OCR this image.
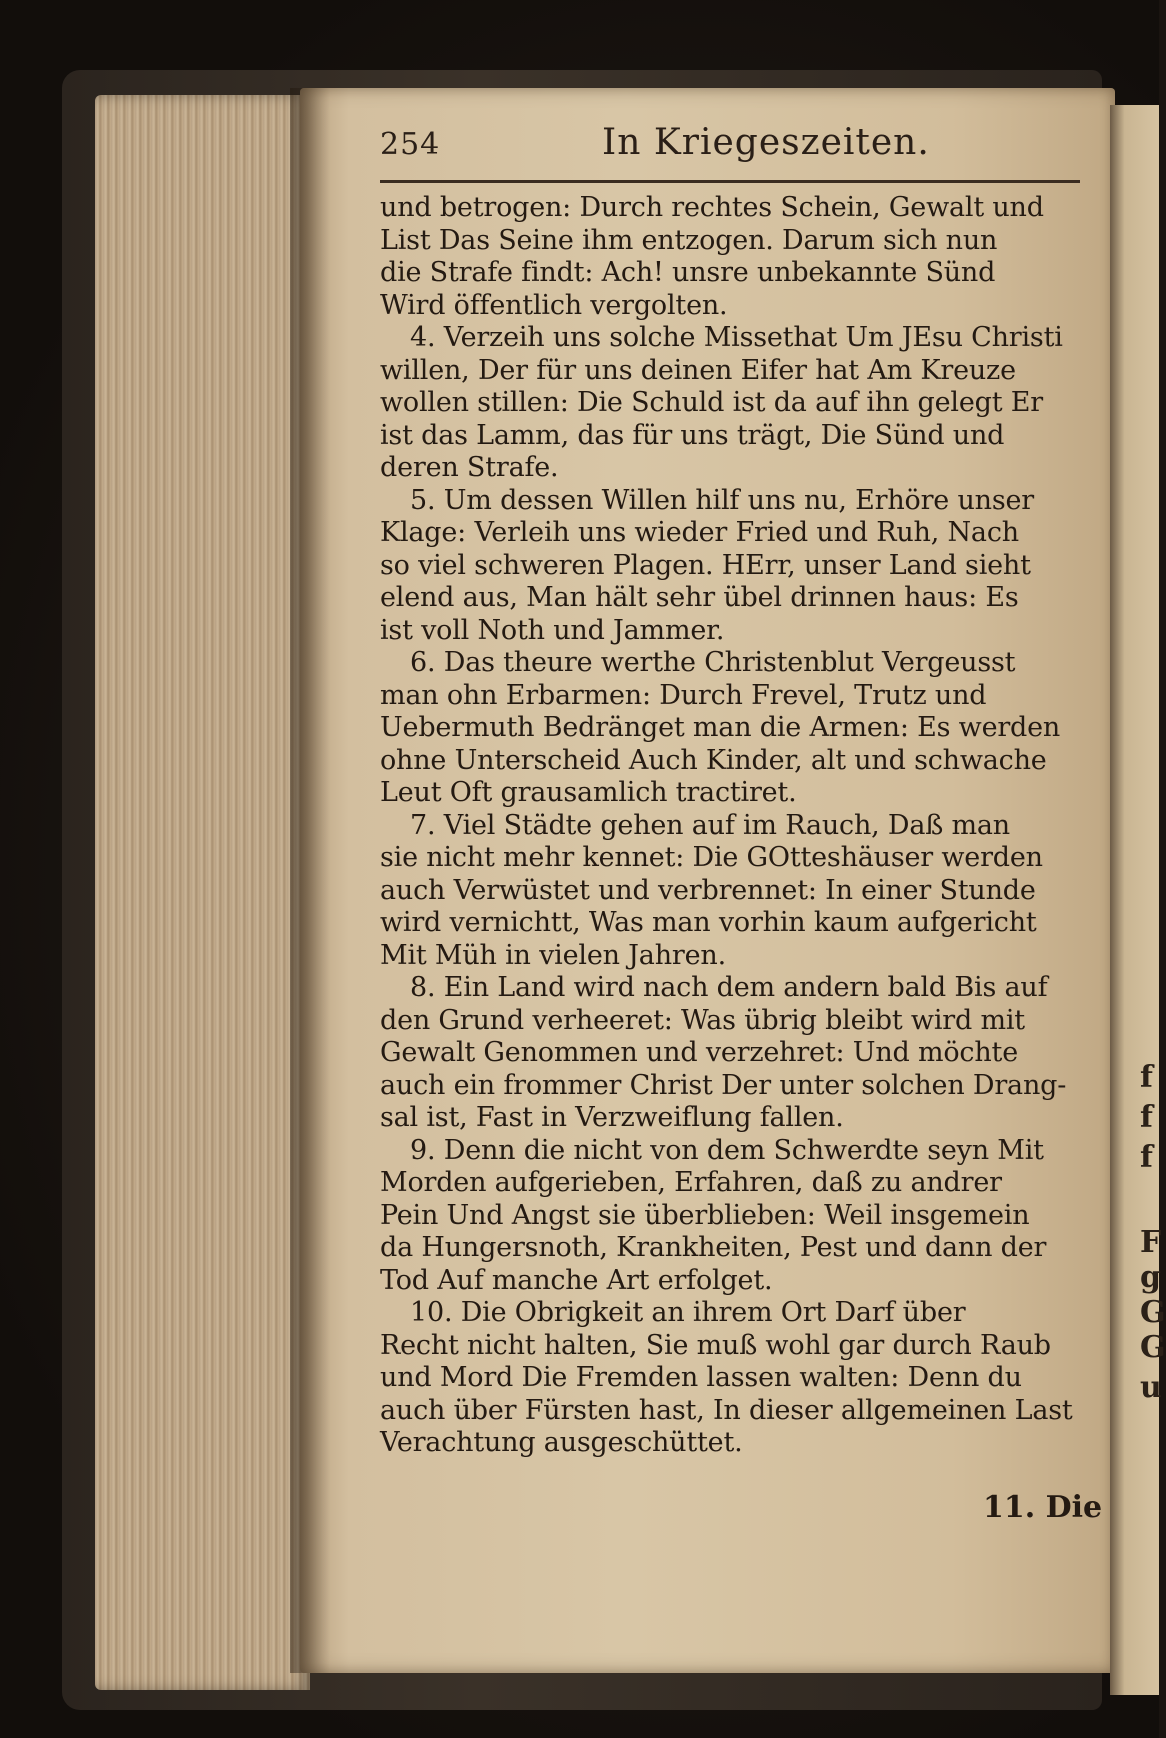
f
f
f
F
g
G
G
u
254	In Kriegeszeiten.
und betrogen: Durch rechtes Schein, Gewalt und
List Das Seine ihm entzogen. Darum sich nun
die Strafe findt: Ach! unsre unbekannte Sünd
Wird öffentlich vergolten.
4. Verzeih uns solche Missethat Um JEsu Christi
willen, Der für uns deinen Eifer hat Am Kreuze
wollen stillen: Die Schuld ist da auf ihn gelegt Er
ist das Lamm, das für uns trägt, Die Sünd und
deren Strafe.
5. Um dessen Willen hilf uns nu, Erhöre unser
Klage: Verleih uns wieder Fried und Ruh, Nach
so viel schweren Plagen. HErr, unser Land sieht
elend aus, Man hält sehr übel drinnen haus: Es
ist voll Noth und Jammer.
6. Das theure werthe Christenblut Vergeusst
man ohn Erbarmen: Durch Frevel, Trutz und
Uebermuth Bedränget man die Armen: Es werden
ohne Unterscheid Auch Kinder, alt und schwache
Leut Oft grausamlich tractiret.
7. Viel Städte gehen auf im Rauch, Daß man
sie nicht mehr kennet: Die GOtteshäuser werden
auch Verwüstet und verbrennet: In einer Stunde
wird vernichtt, Was man vorhin kaum aufgericht
Mit Müh in vielen Jahren.
8. Ein Land wird nach dem andern bald Bis auf
den Grund verheeret: Was übrig bleibt wird mit
Gewalt Genommen und verzehret: Und möchte
auch ein frommer Christ Der unter solchen Drang-
sal ist, Fast in Verzweiflung fallen.
9. Denn die nicht von dem Schwerdte seyn Mit
Morden aufgerieben, Erfahren, daß zu andrer
Pein Und Angst sie überblieben: Weil insgemein
da Hungersnoth, Krankheiten, Pest und dann der
Tod Auf manche Art erfolget.
10. Die Obrigkeit an ihrem Ort Darf über
Recht nicht halten, Sie muß wohl gar durch Raub
und Mord Die Fremden lassen walten: Denn du
auch über Fürsten hast, In dieser allgemeinen Last
Verachtung ausgeschüttet.
11. Die
